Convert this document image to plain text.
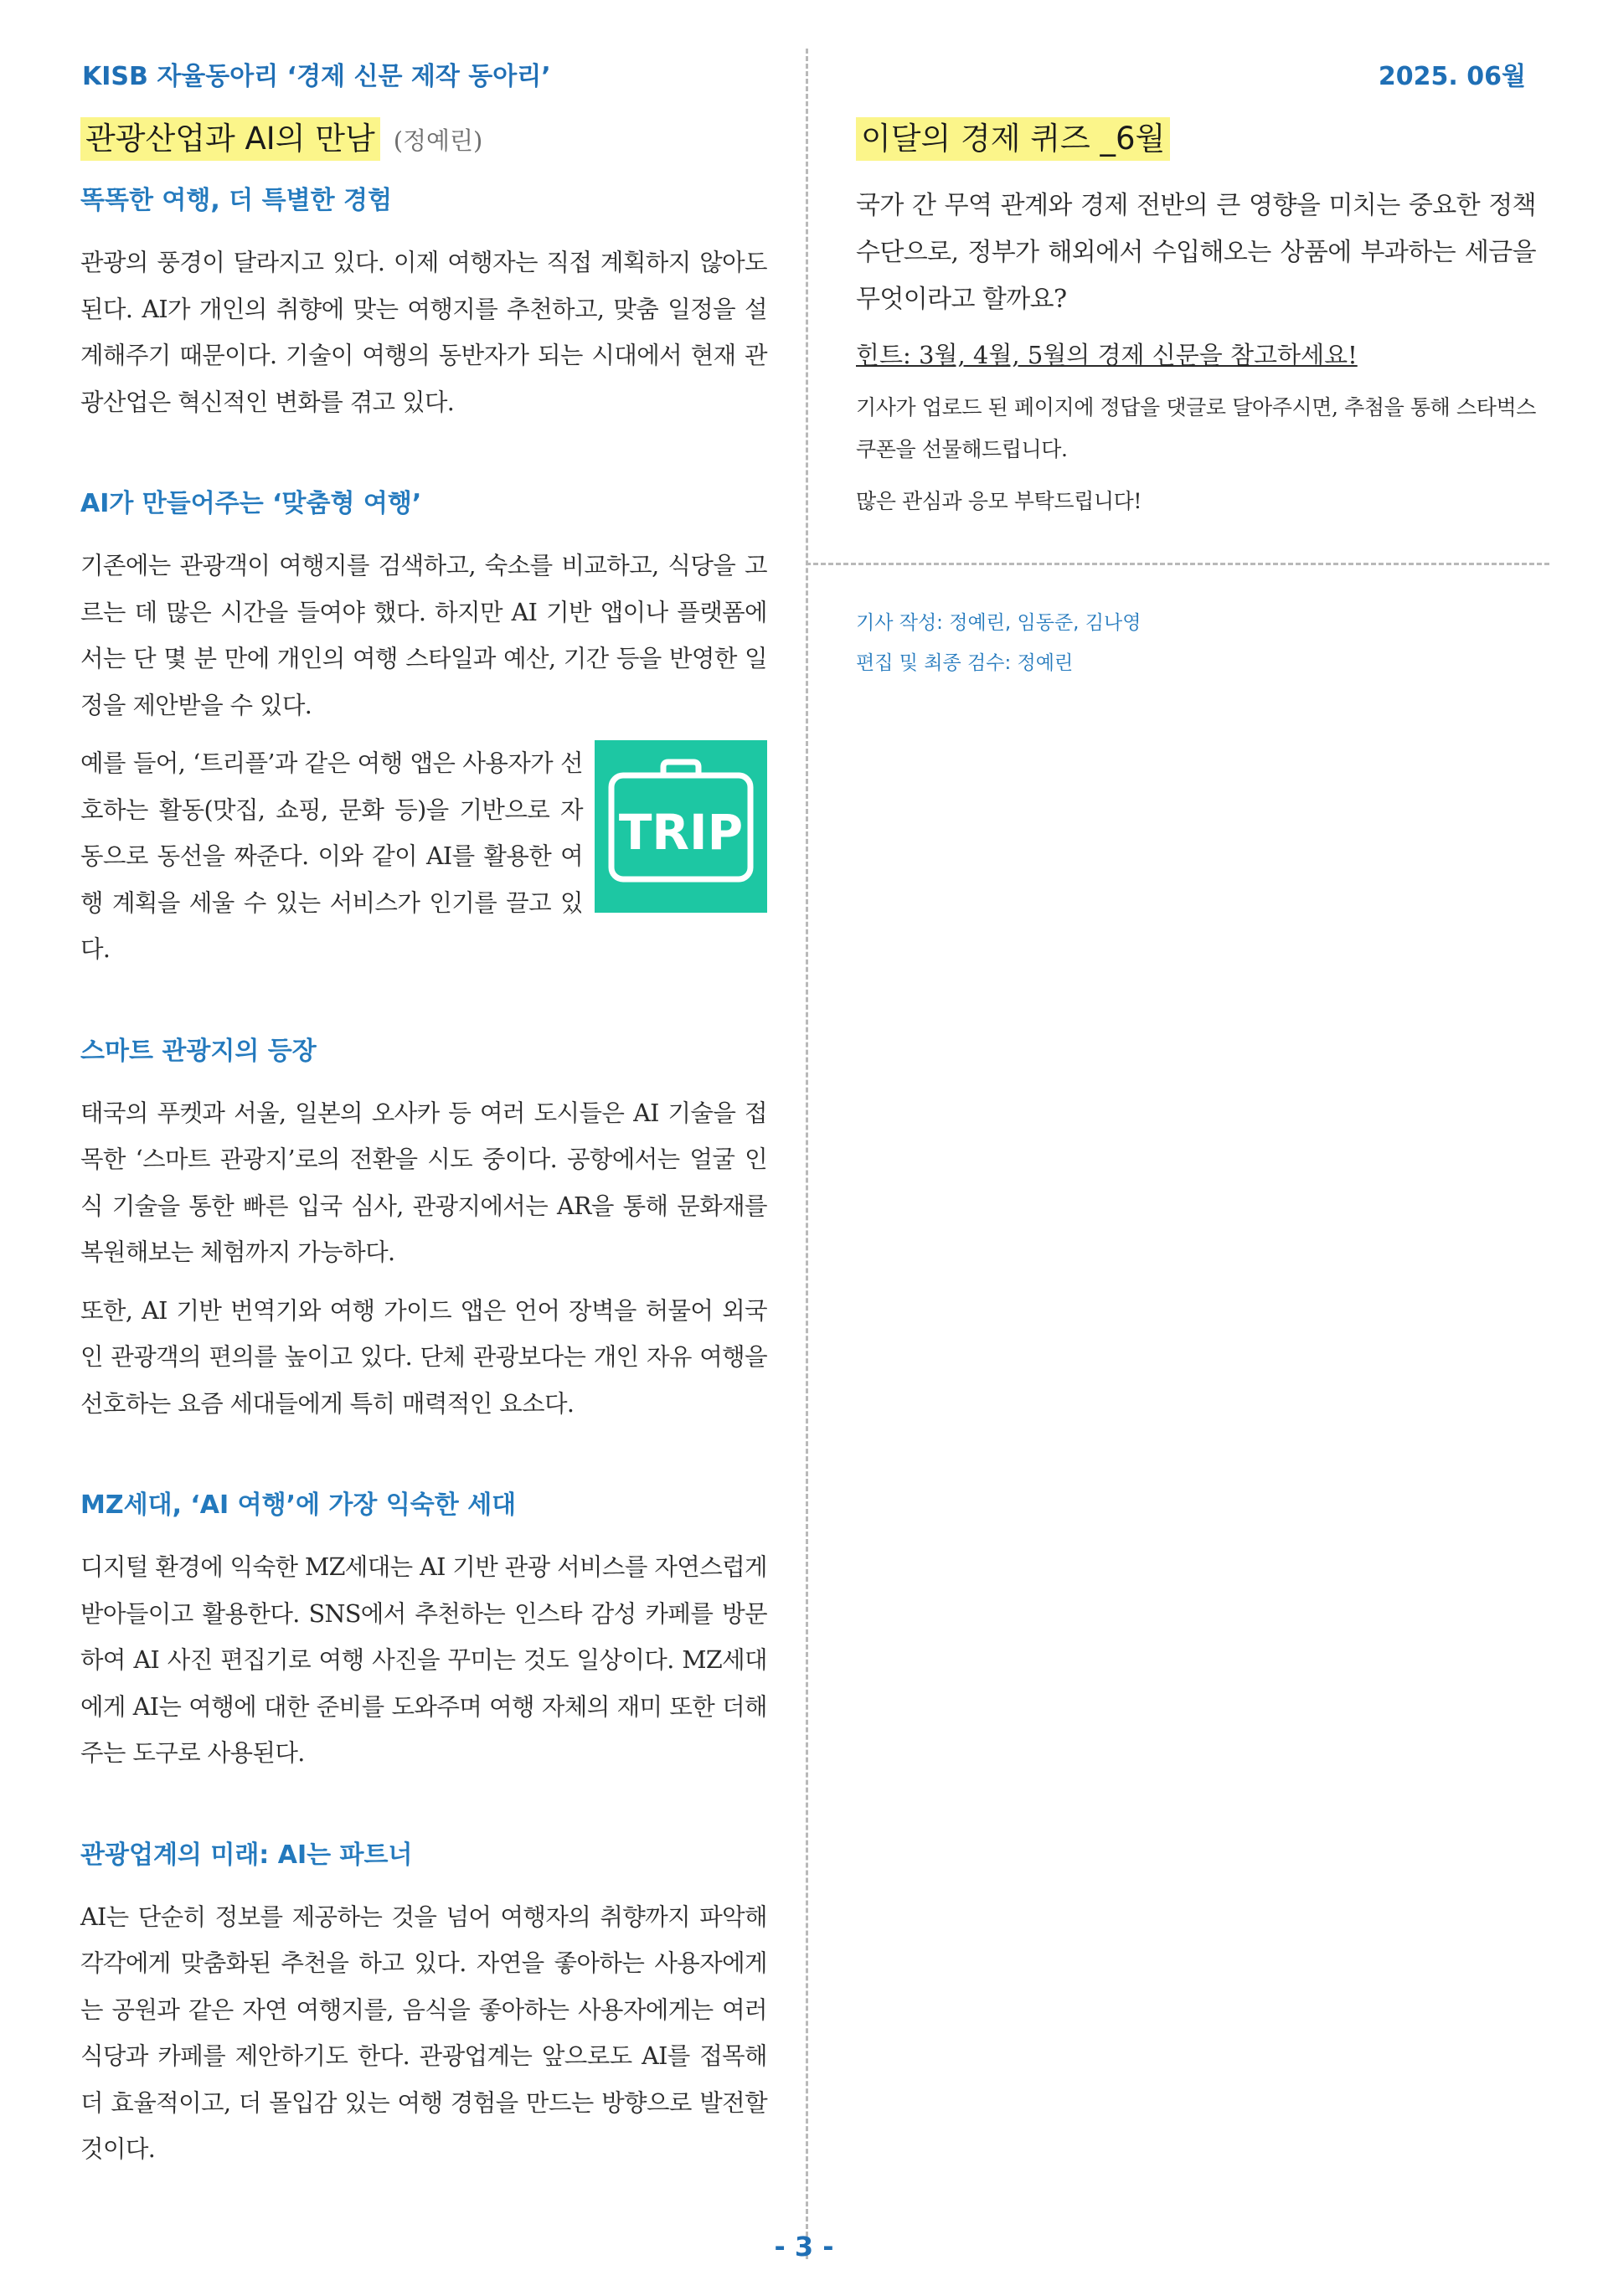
KISB 자율동아리 ‘경제 신문 제작 동아리’	2025. 06월
관광산업과 AI의 만남 (정예린)
똑똑한 여행, 더 특별한 경험

관광의 풍경이 달라지고 있다. 이제 여행자는 직접 계획하지 않아도 된다. AI가 개인의 취향에 맞는 여행지를 추천하고, 맞춤 일정을 설계해주기 때문이다. 기술이 여행의 동반자가 되는 시대에서 현재 관광산업은 혁신적인 변화를 겪고 있다.

AI가 만들어주는 ‘맞춤형 여행’

기존에는 관광객이 여행지를 검색하고, 숙소를 비교하고, 식당을 고르는 데 많은 시간을 들여야 했다. 하지만 AI 기반 앱이나 플랫폼에서는 단 몇 분 만에 개인의 여행 스타일과 예산, 기간 등을 반영한 일정을 제안받을 수 있다.

예를 들어, ‘트리플’과 같은 여행 앱은 사용자가 선호하는 활동(맛집, 쇼핑, 문화 등)을 기반으로 자동으로 동선을 짜준다. 이와 같이 AI를 활용한 여행 계획을 세울 수 있는 서비스가 인기를 끌고 있다.

TRIP
스마트 관광지의 등장

태국의 푸켓과 서울, 일본의 오사카 등 여러 도시들은 AI 기술을 접목한 ‘스마트 관광지’로의 전환을 시도 중이다. 공항에서는 얼굴 인식 기술을 통한 빠른 입국 심사, 관광지에서는 AR을 통해 문화재를 복원해보는 체험까지 가능하다.

또한, AI 기반 번역기와 여행 가이드 앱은 언어 장벽을 허물어 외국인 관광객의 편의를 높이고 있다. 단체 관광보다는 개인 자유 여행을 선호하는 요즘 세대들에게 특히 매력적인 요소다.

MZ세대, ‘AI 여행’에 가장 익숙한 세대

디지털 환경에 익숙한 MZ세대는 AI 기반 관광 서비스를 자연스럽게 받아들이고 활용한다. SNS에서 추천하는 인스타 감성 카페를 방문하여 AI 사진 편집기로 여행 사진을 꾸미는 것도 일상이다. MZ세대에게 AI는 여행에 대한 준비를 도와주며 여행 자체의 재미 또한 더해주는 도구로 사용된다.

관광업계의 미래: AI는 파트너

AI는 단순히 정보를 제공하는 것을 넘어 여행자의 취향까지 파악해 각각에게 맞춤화된 추천을 하고 있다. 자연을 좋아하는 사용자에게는 공원과 같은 자연 여행지를, 음식을 좋아하는 사용자에게는 여러 식당과 카페를 제안하기도 한다. 관광업계는 앞으로도 AI를 접목해 더 효율적이고, 더 몰입감 있는 여행 경험을 만드는 방향으로 발전할 것이다.

이달의 경제 퀴즈 _6월

국가 간 무역 관계와 경제 전반의 큰 영향을 미치는 중요한 정책 수단으로, 정부가 해외에서 수입해오는 상품에 부과하는 세금을 무엇이라고 할까요?

힌트: 3월, 4월, 5월의 경제 신문을 참고하세요!

기사가 업로드 된 페이지에 정답을 댓글로 달아주시면, 추첨을 통해 스타벅스 쿠폰을 선물해드립니다.

많은 관심과 응모 부탁드립니다!

기사 작성: 정예린, 임동준, 김나영
편집 및 최종 검수: 정예린
- 3 -
